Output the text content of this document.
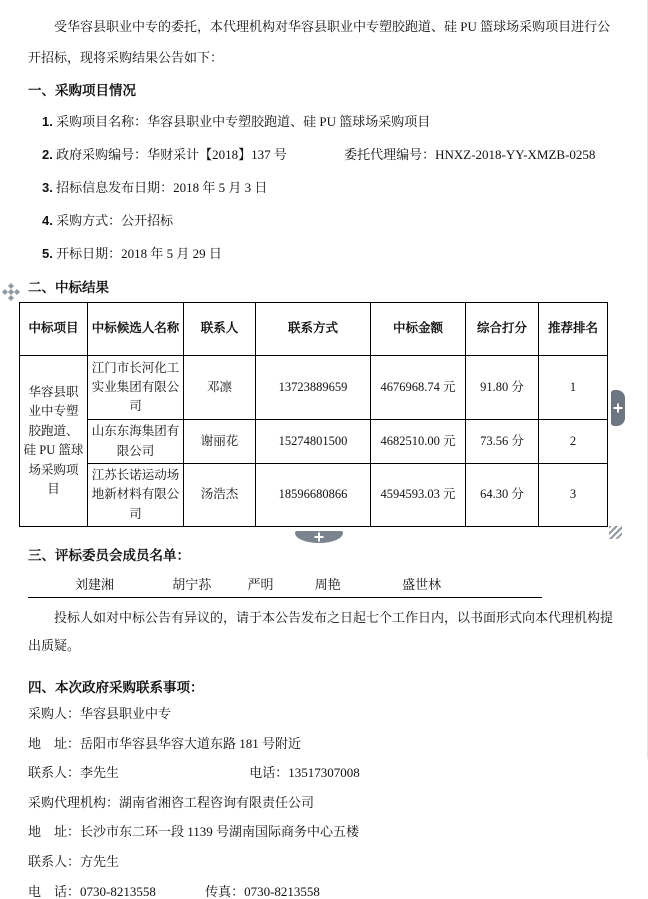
受华容县职业中专的委托，本代理机构对华容县职业中专塑胶跑道、硅 PU 篮球场采购项目进行公开招标，现将采购结果公告如下：

一、采购项目情况
1. 采购项目名称：华容县职业中专塑胶跑道、硅 PU 篮球场采购项目
2. 政府采购编号：华财采计【2018】137 号	委托代理编号：HNXZ-2018-YY-XMZB-0258
3. 招标信息发布日期：2018 年 5 月 3 日
4. 采购方式：公开招标
5. 开标日期：2018 年 5 月 29 日
二、中标结果
中标项目	中标候选人名称	联系人	联系方式	中标金额	综合打分	推荐排名
华容县职业中专塑胶跑道、硅 PU 篮球场采购项目	江门市长河化工实业集团有限公司	邓凛	13723889659	4676968.74 元	91.80 分	1
	山东东海集团有限公司	谢丽花	15274801500	4682510.00 元	73.56 分	2
	江苏长诺运动场地新材料有限公司	汤浩杰	18596680866	4594593.03 元	64.30 分	3
三、评标委员会成员名单：
刘建湘	胡宁荪	严明	周艳	盛世林

投标人如对中标公告有异议的，请于本公告发布之日起七个工作日内，以书面形式向本代理机构提出质疑。

四、本次政府采购联系事项：
采购人：华容县职业中专
地　址：岳阳市华容县华容大道东路 181 号附近
联系人：李先生	电话：13517307008
采购代理机构：湖南省湘咨工程咨询有限责任公司
地　址：长沙市东二环一段 1139 号湖南国际商务中心五楼
联系人：方先生
电　话：0730-8213558	传真：0730-8213558
